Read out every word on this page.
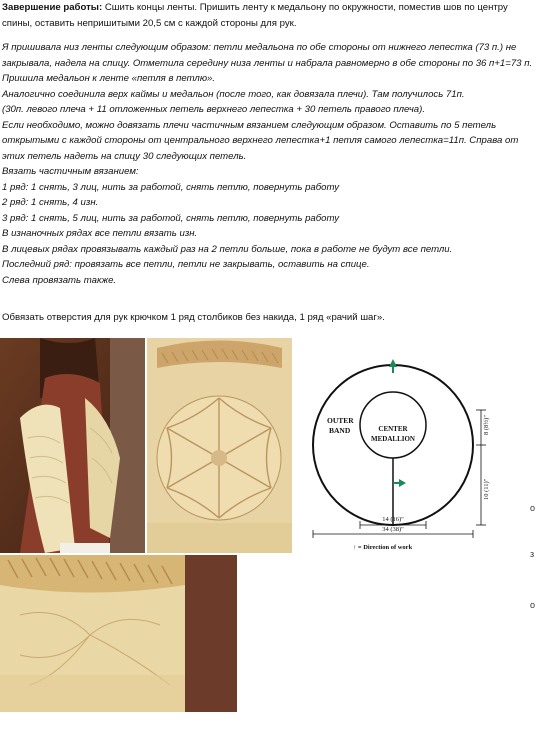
Завершение работы: Сшить концы ленты. Пришить ленту к медальону по окружности, поместив шов по центру спины, оставить непришитыми 20,5 см с каждой стороны для рук.

Я пришивала низ ленты следующим образом: петли медальона по обе стороны от нижнего лепестка (73 п.) не закрывала, надела на спицу. Отметила середину низа ленты и набрала равномерно в обе стороны по 36 п+1=73 п. Пришила медальон к ленте «петля в петлю».
Аналогично соединила верх каймы и медальон (после того, как довязала плечи). Там получилось 71п.
(30п. левого плеча + 11 отложенных петель верхнего лепестка + 30 петель правого плеча).
Если необходимо, можно довязать плечи частичным вязанием следующим образом. Оставить по 5 петель открытыми с каждой стороны от центрального верхнего лепестка+1 петля самого лепестка=11п. Справа от этих петель надеть на спицу 30 следующих петель.
Вязать частичным вязанием:
1 ряд: 1 снять, 3 лиц, нить за работой, снять петлю, повернуть работу
2 ряд: 1 снять, 4 изн.
3 ряд: 1 снять, 5 лиц, нить за работой, снять петлю, повернуть работу
В изнаночных рядах все петли вязать изн.
В лицевых рядах провязывать каждый раз на 2 петли больше, пока в работе не будут все петли.
Последний ряд: провязать все петли, петли не закрывать, оставить на спице.
Слева провязать также.

Обвязать отверстия для рук крючком 1 ряд столбиков без накида, 1 ряд «рачий шаг».

OUTER
BAND	CENTER
MEDALLION
8 (8½)"
10 (11)"
14 (16)"
34 (38)"
↑ = Direction of work
о
з
о
